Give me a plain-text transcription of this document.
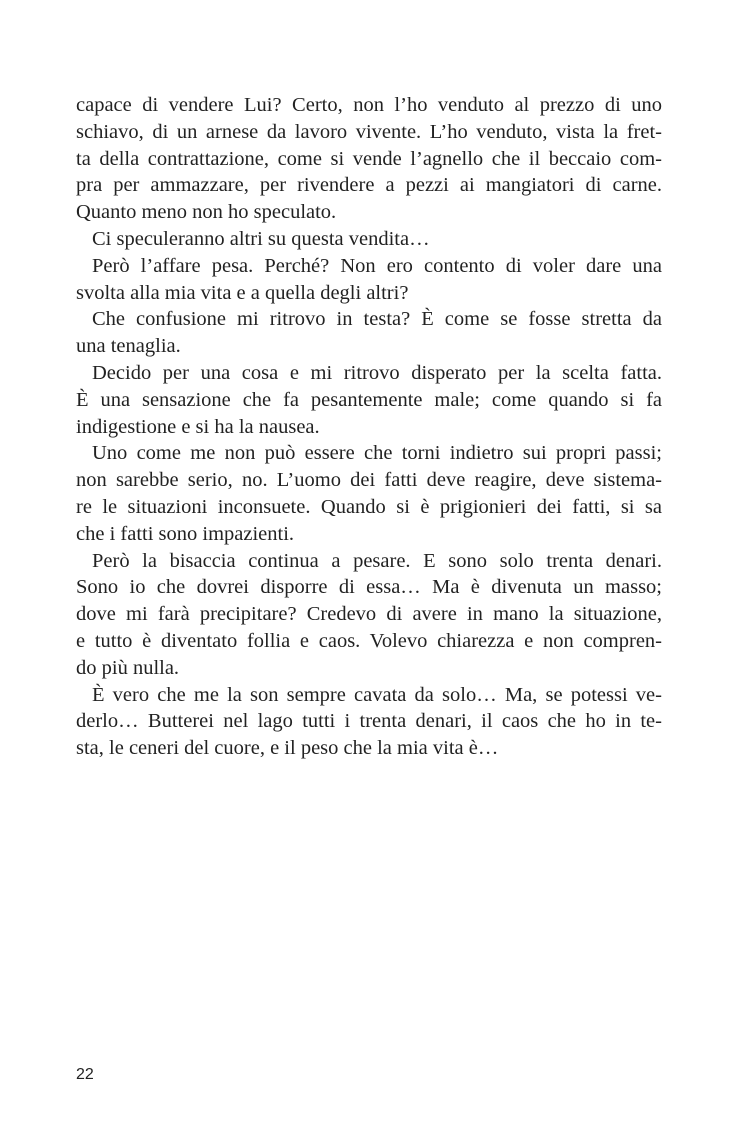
capace di vendere Lui? Certo, non l’ho venduto al prezzo di uno
schiavo, di un arnese da lavoro vivente. L’ho venduto, vista la fret-
ta della contrattazione, come si vende l’agnello che il beccaio com-
pra per ammazzare, per rivendere a pezzi ai mangiatori di carne.
Quanto meno non ho speculato.
Ci speculeranno altri su questa vendita…
Però l’affare pesa. Perché? Non ero contento di voler dare una
svolta alla mia vita e a quella degli altri?
Che confusione mi ritrovo in testa? È come se fosse stretta da
una tenaglia.
Decido per una cosa e mi ritrovo disperato per la scelta fatta.
È una sensazione che fa pesantemente male; come quando si fa
indigestione e si ha la nausea.
Uno come me non può essere che torni indietro sui propri passi;
non sarebbe serio, no. L’uomo dei fatti deve reagire, deve sistema-
re le situazioni inconsuete. Quando si è prigionieri dei fatti, si sa
che i fatti sono impazienti.
Però la bisaccia continua a pesare. E sono solo trenta denari.
Sono io che dovrei disporre di essa… Ma è divenuta un masso;
dove mi farà precipitare? Credevo di avere in mano la situazione,
e tutto è diventato follia e caos. Volevo chiarezza e non compren-
do più nulla.
È vero che me la son sempre cavata da solo… Ma, se potessi ve-
derlo… Butterei nel lago tutti i trenta denari, il caos che ho in te-
sta, le ceneri del cuore, e il peso che la mia vita è…
22
